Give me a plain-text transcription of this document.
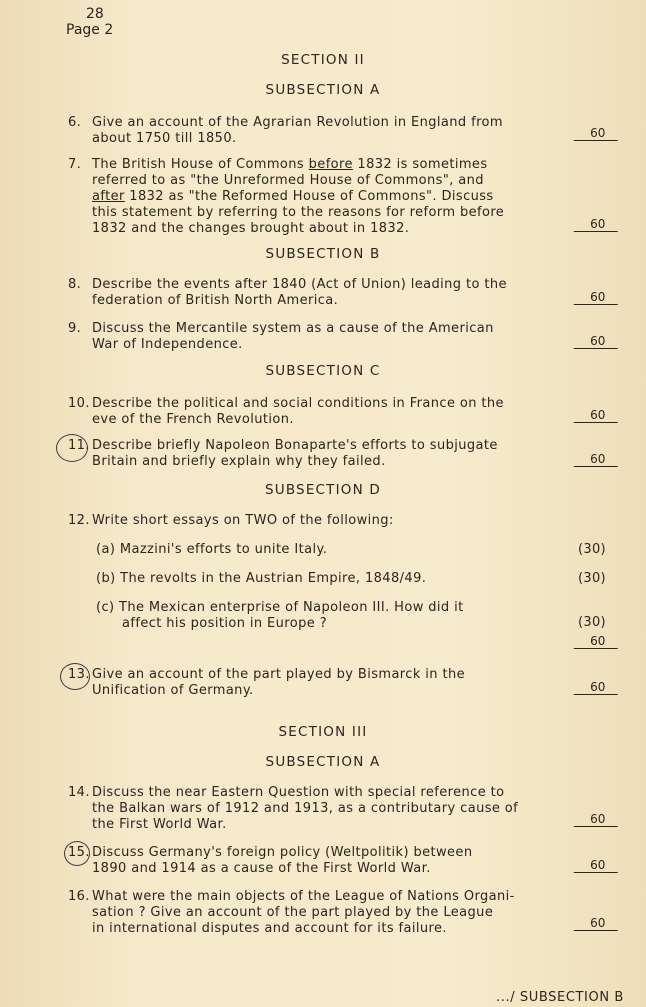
28
Page 2
SECTION II
SUBSECTION A
6. Give an account of the Agrarian Revolution in England from
about 1750 till 1850.	60
7. The British House of Commons before 1832 is sometimes
referred to as "the Unreformed House of Commons", and
after 1832 as "the Reformed House of Commons". Discuss
this statement by referring to the reasons for reform before
1832 and the changes brought about in 1832.	60
SUBSECTION B
8. Describe the events after 1840 (Act of Union) leading to the
federation of British North America.	60
9. Discuss the Mercantile system as a cause of the American
War of Independence.	60
SUBSECTION C
10. Describe the political and social conditions in France on the
eve of the French Revolution.	60
11. Describe briefly Napoleon Bonaparte's efforts to subjugate
Britain and briefly explain why they failed.	60
SUBSECTION D
12. Write short essays on TWO of the following:
(a) Mazzini's efforts to unite Italy.	(30)
(b) The revolts in the Austrian Empire, 1848/49.	(30)
(c) The Mexican enterprise of Napoleon III. How did it
affect his position in Europe ?	(30)
60
13. Give an account of the part played by Bismarck in the
Unification of Germany.	60
SECTION III
SUBSECTION A
14. Discuss the near Eastern Question with special reference to
the Balkan wars of 1912 and 1913, as a contributary cause of
the First World War.	60
15. Discuss Germany's foreign policy (Weltpolitik) between
1890 and 1914 as a cause of the First World War.	60
16. What were the main objects of the League of Nations Organi-
sation ? Give an account of the part played by the League
in international disputes and account for its failure.	60
.../ SUBSECTION B
